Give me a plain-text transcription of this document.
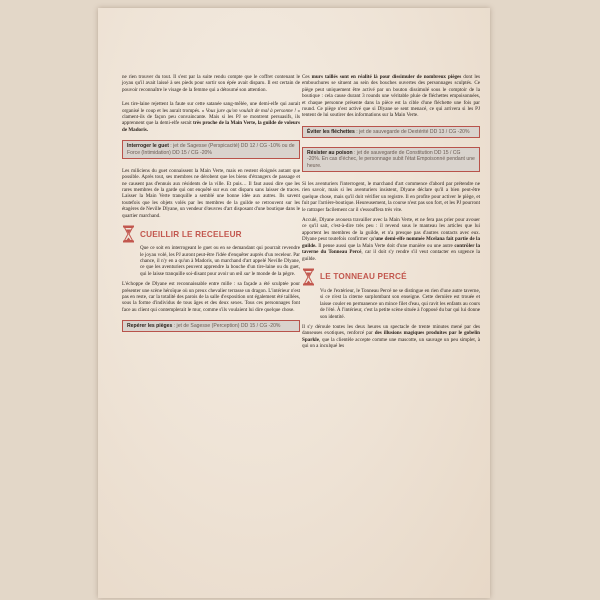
ne rien trouver du tout. Il s'est par la suite rendu compte que le coffret contenant le joyau qu'il avait laissé à ses pieds pour sortir son épée avait disparu. Il est certain de pouvoir reconnaître le visage de la femme qui a détourné son attention.

Les tire-laine rejettent la faute sur cette satanée sang-mêlée, une demi-elfe qui aurait organisé le coup et les aurait trompés. « Vous jure qu'on voulait de mal à personne ! » clament-ils de façon peu convaincante. Mais si les PJ se montrent persuasifs, ils apprennent que la demi-elfe serait très proche de la Main Verte, la guilde de voleurs de Madoris.

Interroger le guet : jet de Sagesse (Perspicacité) DD 12 / CG -10% ou de Force (Intimidation) DD 15 / CG -20%

Les miliciens du guet connaissent la Main Verte, mais en restent éloignés autant que possible. Après tout, ses membres ne dérobent que les biens d'étrangers de passage et ne causent pas d'ennuis aux résidents de la ville. Et puis… Il faut aussi dire que les rares membres de la garde qui ont enquêté sur eux ont disparu sans laisser de traces. Laisser la Main Verte tranquille a semblé une bonne idée aux autres. Ils savent toutefois que les objets volés par les membres de la guilde se retrouvent sur les étagères de Neville Dlyane, un vendeur d'œuvres d'art disposant d'une boutique dans le quartier marchand.

CUEILLIR LE RECELEUR

Que ce soit en interrogeant le guet ou en se demandant qui pourrait revendre le joyau volé, les PJ auront peut-être l'idée d'enquêter auprès d'un receleur. Par chance, il n'y en a qu'un à Madoris, un marchand d'art appelé Neville Dlyane, ce que les aventuriers peuvent apprendre la bouche d'un tire-laine ou du guet, qui le laisse tranquille soi-disant pour avoir un œil sur le monde de la pègre.

L'échoppe de Dlyane est reconnaissable entre mille : sa façade a été sculptée pour présenter une scène héroïque où un preux chevalier terrasse un dragon. L'intérieur n'est pas en reste, car la totalité des parois de la salle d'exposition ont également été taillées, sous la forme d'individus de tous âges et des deux sexes. Tous ces personnages font face au client qui contemplerait le mur, comme s'ils voulaient lui dire quelque chose.

Repérer les pièges : jet de Sagesse (Perception) DD 15 / CG -20%

Ces murs taillés sont en réalité là pour dissimuler de nombreux pièges dont les embouchures se situent au sein des bouches ouvertes des personnages sculptés. Ce piège peut uniquement être activé par un bouton dissimulé sous le comptoir de la boutique : cela cause durant 3 rounds une véritable pluie de fléchettes empoisonnées, et chaque personne présente dans la pièce est la cible d'une fléchette une fois par round. Ce piège n'est activé que si Dlyane se sent menacé, ce qui arrivera si les PJ tentent de lui soutirer des informations sur la Main Verte.

Éviter les fléchettes : jet de sauvegarde de Dextérité DD 13 / CG -20%
Résister au poison : jet de sauvegarde de Constitution DD 15 / CG -20%. En cas d'échec, le personnage subit l'état Empoisonné pendant une heure.

Si les aventuriers l'interrogent, le marchand d'art commence d'abord par prétendre ne rien savoir, mais si les aventuriers insistent, Dlyane déclare qu'il a bien peut-être quelque chose, mais qu'il doit vérifier un registre. Il en profite pour activer le piège, et fuit par l'arrière-boutique. Heureusement, la course n'est pas son fort, et les PJ pourront le rattraper facilement car il s'essouffera très vite.

Acculé, Dlyane avouera travailler avec la Main Verte, et ne fera pas prier pour avouer ce qu'il sait, c'est-à-dire très peu : il revend sous le manteau les articles que lui apportent les membres de la guilde, et n'a presque pas d'autres contacts avec eux. Dlyane peut toutefois confirmer qu'une demi-elfe nommée Mcelana fait partie de la guilde. Il pense aussi que la Main Verte doit d'une manière ou une autre contrôler la taverne du Tonneau Percé, car il doit s'y rendre s'il veut contacter en urgence la guilde.

LE TONNEAU PERCÉ

Vu de l'extérieur, le Tonneau Percé ne se distingue en rien d'une autre taverne, si ce n'est la citerne surplombant son enseigne. Cette dernière est trouée et laisse couler en permanence un mince filet d'eau, qui ravit les enfants au cours de l'été. À l'intérieur, c'est la petite scène située à l'opposé du bar qui lui donne son identité.

Il s'y déroule toutes les deux heures un spectacle de trente minutes mené par des danseuses exotiques, renforcé par des illusions magiques produites par le gobelin Sparkle, que la clientèle accepte comme une mascotte, un sauvage un peu simplet, à qui on a inculqué les
